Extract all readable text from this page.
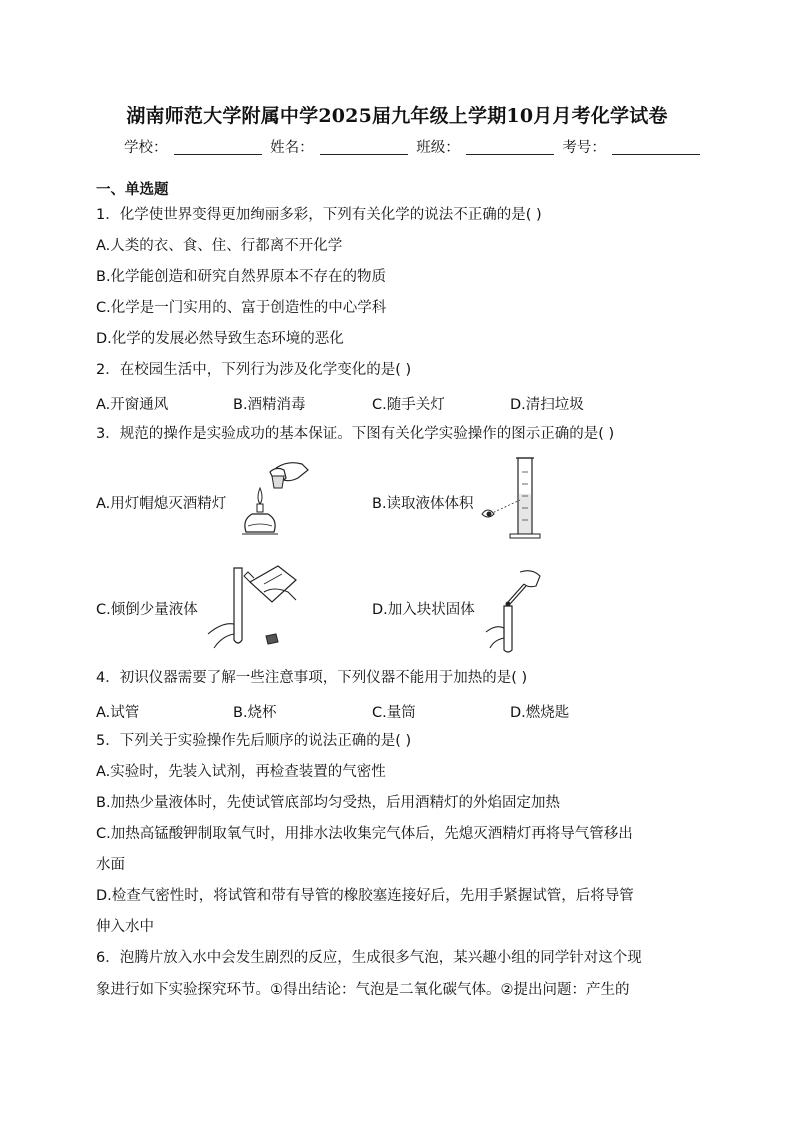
湖南师范大学附属中学2025届九年级上学期10月月考化学试卷
学校：	姓名：	班级：	考号：
一、单选题
1．化学使世界变得更加绚丽多彩，下列有关化学的说法不正确的是( )
A.人类的衣、食、住、行都离不开化学
B.化学能创造和研究自然界原本不存在的物质
C.化学是一门实用的、富于创造性的中心学科
D.化学的发展必然导致生态环境的恶化
2．在校园生活中，下列行为涉及化学变化的是( )
A.开窗通风	B.酒精消毒	C.随手关灯	D.清扫垃圾
3．规范的操作是实验成功的基本保证。下图有关化学实验操作的图示正确的是( )
A.用灯帽熄灭酒精灯	B.读取液体体积
C.倾倒少量液体	D.加入块状固体
4．初识仪器需要了解一些注意事项，下列仪器不能用于加热的是( )
A.试管	B.烧杯	C.量筒	D.燃烧匙
5．下列关于实验操作先后顺序的说法正确的是( )
A.实验时，先装入试剂，再检查装置的气密性
B.加热少量液体时，先使试管底部均匀受热，后用酒精灯的外焰固定加热
C.加热高锰酸钾制取氧气时，用排水法收集完气体后，先熄灭酒精灯再将导气管移出
水面
D.检查气密性时，将试管和带有导管的橡胶塞连接好后，先用手紧握试管，后将导管
伸入水中
6．泡腾片放入水中会发生剧烈的反应，生成很多气泡，某兴趣小组的同学针对这个现
象进行如下实验探究环节。①得出结论：气泡是二氧化碳气体。②提出问题：产生的
